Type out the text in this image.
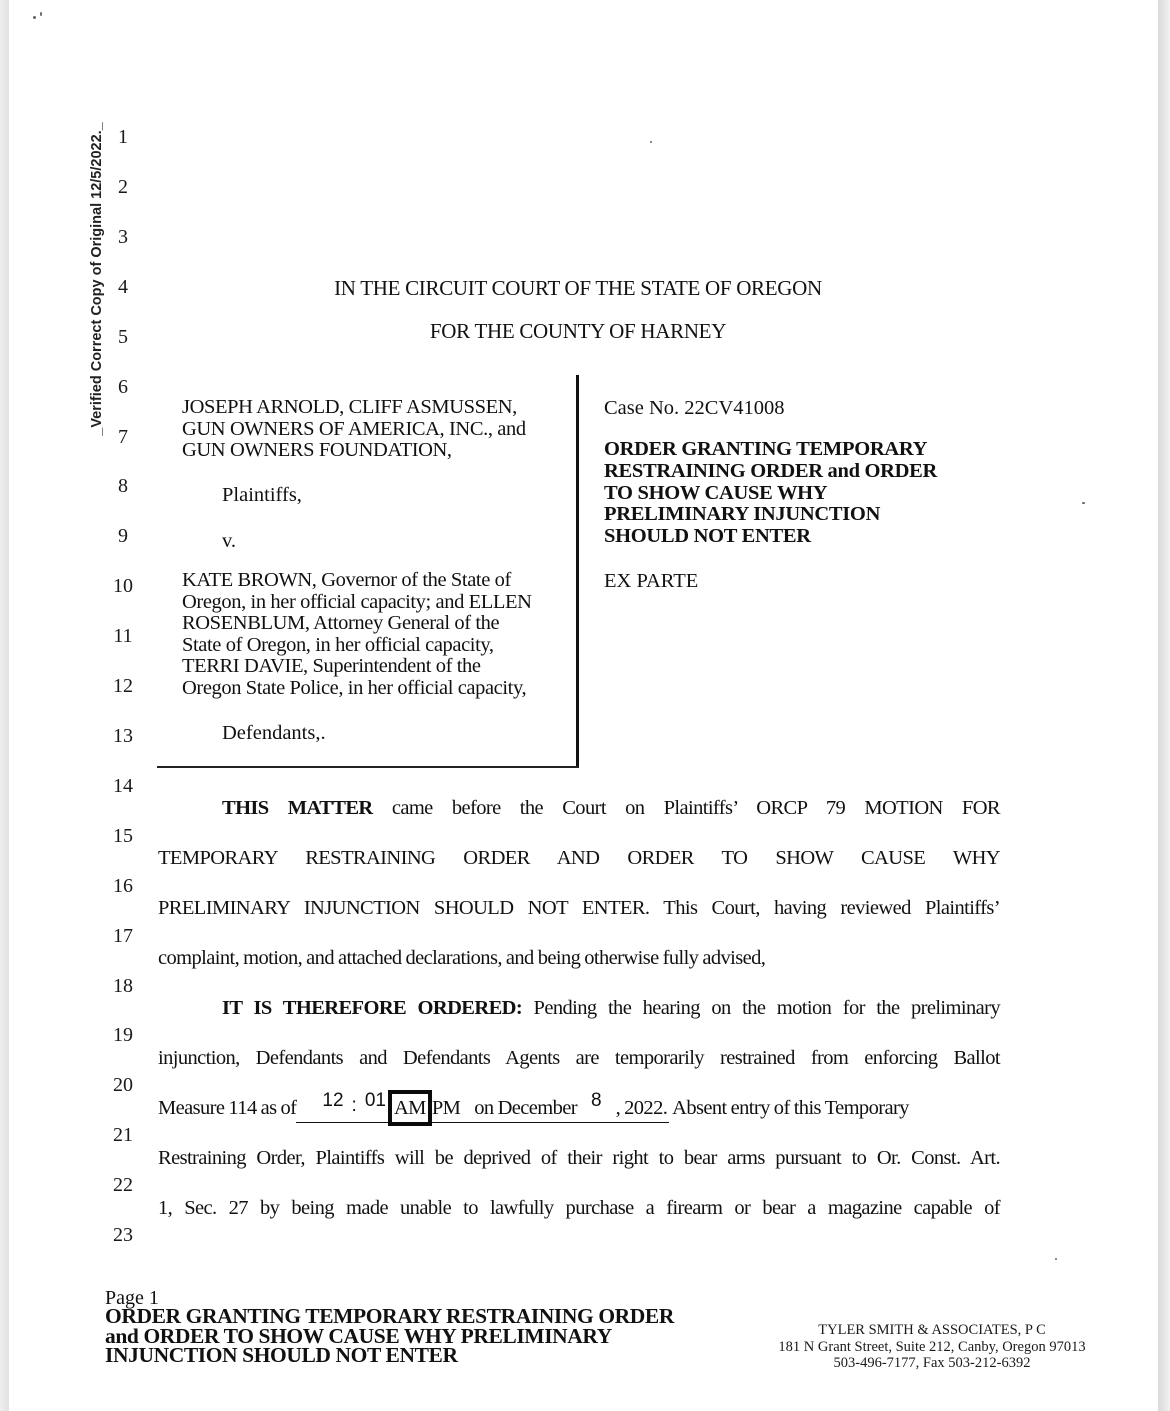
_Verified Correct Copy of Original 12/5/2022._ 1
2
3
4
5
6
7
8
9
10
11
12
13
14
15
16
17
18
19
20
21
22
23
IN THE CIRCUIT COURT OF THE STATE OF OREGON
FOR THE COUNTY OF HARNEY
JOSEPH ARNOLD, CLIFF ASMUSSEN,
GUN OWNERS OF AMERICA, INC., and
GUN OWNERS FOUNDATION,
Plaintiffs,
v.
KATE BROWN, Governor of the State of
Oregon, in her official capacity; and ELLEN
ROSENBLUM, Attorney General of the
State of Oregon, in her official capacity,
TERRI DAVIE, Superintendent of the
Oregon State Police, in her official capacity,
Defendants,.
Case No. 22CV41008
ORDER GRANTING TEMPORARY
RESTRAINING ORDER and ORDER
TO SHOW CAUSE WHY
PRELIMINARY INJUNCTION
SHOULD NOT ENTER
EX PARTE
THIS MATTER came before the Court on Plaintiffs’ ORCP 79 MOTION FOR
TEMPORARY RESTRAINING ORDER AND ORDER TO SHOW CAUSE WHY
PRELIMINARY INJUNCTION SHOULD NOT ENTER. This Court, having reviewed Plaintiffs’
complaint, motion, and attached declarations, and being otherwise fully advised,
IT IS THEREFORE ORDERED: Pending the hearing on the motion for the preliminary
injunction, Defendants and Defendants Agents are temporarily restrained from enforcing Ballot
Measure 114 as of 12 : 01 AM PM on December 8 , 2022. Absent entry of this Temporary
Restraining Order, Plaintiffs will be deprived of their right to bear arms pursuant to Or. Const. Art.
1, Sec. 27 by being made unable to lawfully purchase a firearm or bear a magazine capable of
Page 1
ORDER GRANTING TEMPORARY RESTRAINING ORDER
and ORDER TO SHOW CAUSE WHY PRELIMINARY
INJUNCTION SHOULD NOT ENTER
TYLER SMITH & ASSOCIATES, P C
181 N Grant Street, Suite 212, Canby, Oregon 97013
503-496-7177, Fax 503-212-6392
